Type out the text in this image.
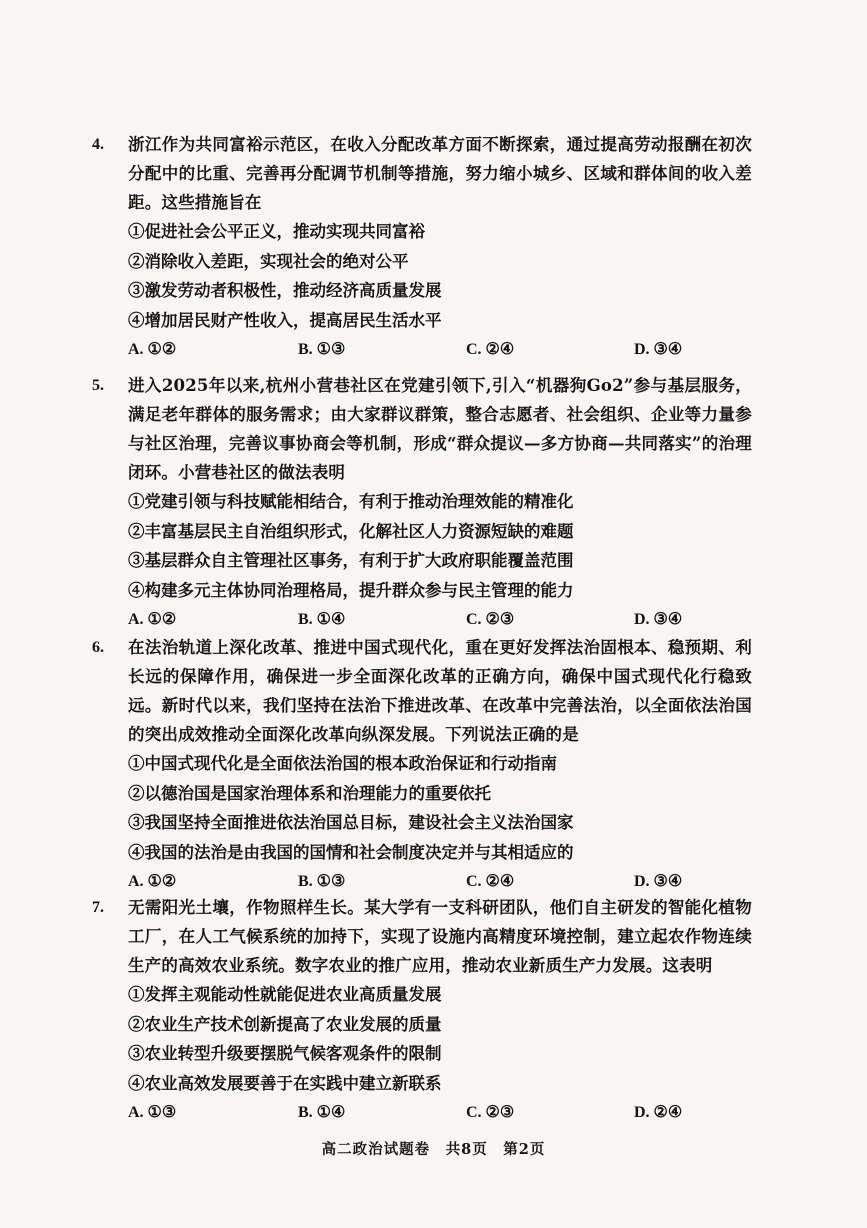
4.	浙江作为共同富裕示范区，在收入分配改革方面不断探索，通过提高劳动报酬在初次分配中的比重、完善再分配调节机制等措施，努力缩小城乡、区域和群体间的收入差距。这些措施旨在
①促进社会公平正义，推动实现共同富裕
②消除收入差距，实现社会的绝对公平
③激发劳动者积极性，推动经济高质量发展
④增加居民财产性收入，提高居民生活水平
A. ①②	B. ①③	C. ②④	D. ③④
5.	进入2025年以来,杭州小营巷社区在党建引领下,引入“机器狗Go2”参与基层服务，满足老年群体的服务需求；由大家群议群策，整合志愿者、社会组织、企业等力量参与社区治理，完善议事协商会等机制，形成“群众提议—多方协商—共同落实”的治理闭环。小营巷社区的做法表明
①党建引领与科技赋能相结合，有利于推动治理效能的精准化
②丰富基层民主自治组织形式，化解社区人力资源短缺的难题
③基层群众自主管理社区事务，有利于扩大政府职能覆盖范围
④构建多元主体协同治理格局，提升群众参与民主管理的能力
A. ①②	B. ①④	C. ②③	D. ③④
6.	在法治轨道上深化改革、推进中国式现代化，重在更好发挥法治固根本、稳预期、利长远的保障作用，确保进一步全面深化改革的正确方向，确保中国式现代化行稳致远。新时代以来，我们坚持在法治下推进改革、在改革中完善法治，以全面依法治国的突出成效推动全面深化改革向纵深发展。下列说法正确的是
①中国式现代化是全面依法治国的根本政治保证和行动指南
②以德治国是国家治理体系和治理能力的重要依托
③我国坚持全面推进依法治国总目标，建设社会主义法治国家
④我国的法治是由我国的国情和社会制度决定并与其相适应的
A. ①②	B. ①③	C. ②④	D. ③④
7.	无需阳光土壤，作物照样生长。某大学有一支科研团队，他们自主研发的智能化植物工厂，在人工气候系统的加持下，实现了设施内高精度环境控制，建立起农作物连续生产的高效农业系统。数字农业的推广应用，推动农业新质生产力发展。这表明
①发挥主观能动性就能促进农业高质量发展
②农业生产技术创新提高了农业发展的质量
③农业转型升级要摆脱气候客观条件的限制
④农业高效发展要善于在实践中建立新联系
A. ①③	B. ①④	C. ②③	D. ②④
高二政治试题卷　共8页　第2页
